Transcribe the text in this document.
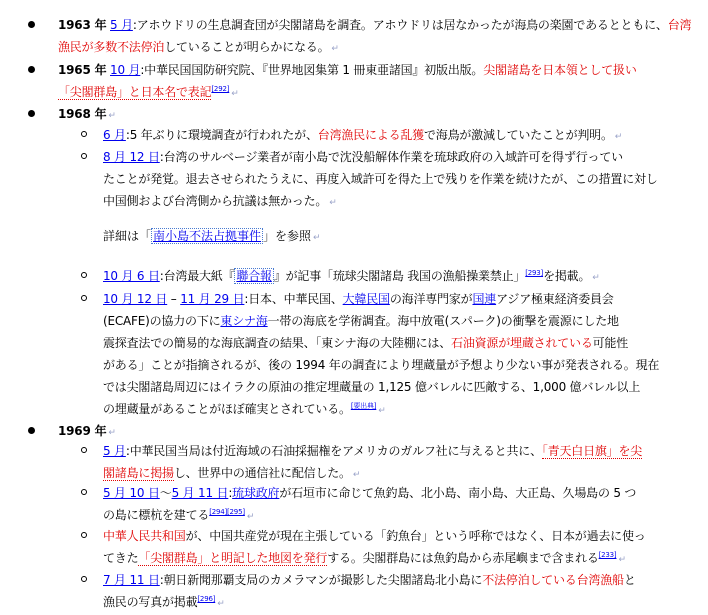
1963 年 5 月:アホウドリの生息調査団が尖閣諸島を調査。アホウドリは居なかったが海鳥の楽園であるとともに、台湾漁民が多数不法停泊していることが明らかになる。 ↵
1965 年 10 月:中華民国国防研究院、『世界地図集第 1 冊東亜諸国』初版出版。尖閣諸島を日本領として扱い
「尖閣群島」と日本名で表記[292] ↵
1968 年 ↵
6 月:5 年ぶりに環境調査が行われたが、台湾漁民による乱獲で海鳥が激減していたことが判明。 ↵
8 月 12 日:台湾のサルベージ業者が南小島で沈没船解体作業を琉球政府の入域許可を得ず行ってい
たことが発覚。退去させられたうえに、再度入域許可を得た上で残りを作業を続けたが、この措置に対し
中国側および台湾側から抗議は無かった。 ↵
詳細は「 南小島不法占拠事件 」を参照 ↵
10 月 6 日:台湾最大紙『 聯合報 』が記事「琉球尖閣諸島 我国の漁船操業禁止」[293]を掲載。 ↵
10 月 12 日 – 11 月 29 日:日本、中華民国、大韓民国の海洋専門家が国連アジア極東経済委員会
(ECAFE)の協力の下に東シナ海一帯の海底を学術調査。海中放電(スパーク)の衝撃を震源にした地
震探査法での簡易的な海底調査の結果、「東シナ海の大陸棚には、石油資源が埋蔵されている可能性
がある」ことが指摘されるが、後の 1994 年の調査により埋蔵量が予想より少ない事が発表される。現在
では尖閣諸島周辺にはイラクの原油の推定埋蔵量の 1,125 億バレルに匹敵する、1,000 億バレル以上
の埋蔵量があることがほぼ確実とされている。[要出典] ↵
1969 年 ↵
5 月:中華民国当局は付近海域の石油採掘権をアメリカのガルフ社に与えると共に、「青天白日旗」を尖
閣諸島に掲揚し、世界中の通信社に配信した。 ↵
5 月 10 日〜5 月 11 日:琉球政府が石垣市に命じて魚釣島、北小島、南小島、大正島、久場島の 5 つ
の島に標杭を建てる[294][295] ↵
中華人民共和国が、中国共産党が現在主張している「釣魚台」という呼称ではなく、日本が過去に使っ
てきた「尖閣群島」と明記した地図を発行する。尖閣群島には魚釣島から赤尾嶼まで含まれる[233] ↵
7 月 11 日:朝日新聞那覇支局のカメラマンが撮影した尖閣諸島北小島に不法停泊している台湾漁船と
漁民の写真が掲載[296] ↵
